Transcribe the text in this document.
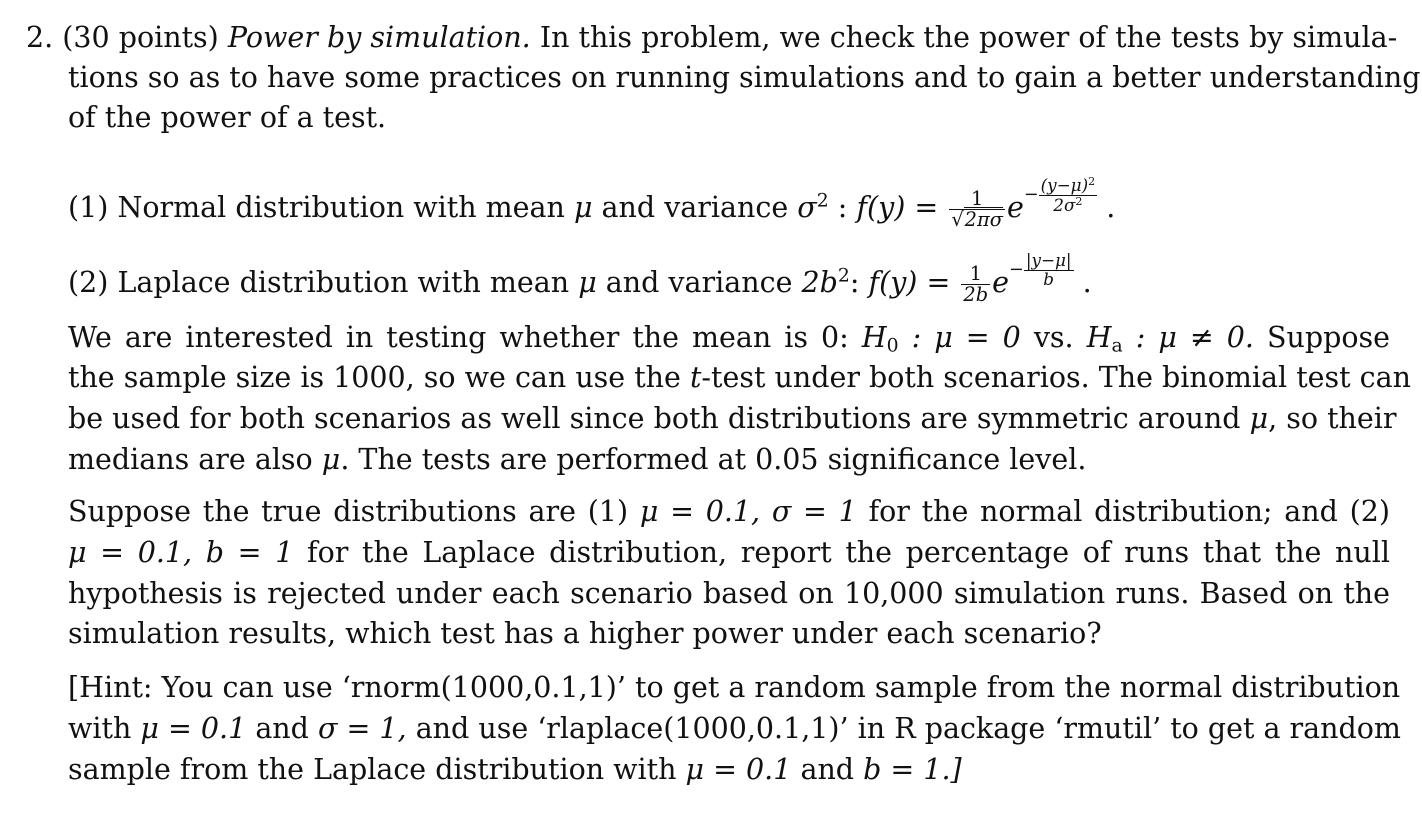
2. (30 points) Power by simulation. In this problem, we check the power of the tests by simula-
tions so as to have some practices on running simulations and to gain a better understanding
of the power of a test.
(1) Normal distribution with mean μ and variance $\sigma^2$ : $f(y) = \frac{1}{√2\pi\sigma} e- \frac{(y-\mu)^2}{2\sigma^2}$ .
(2) Laplace distribution with mean μ and variance $2b^2$: $f(y) = \frac{1}{2b} e- \frac{|y-\mu|}{b}$ .
We are interested in testing whether the mean is 0: $H_0$ : μ = 0 vs. $H_a$ : μ ≠ 0. Suppose
the sample size is 1000, so we can use the t-test under both scenarios. The binomial test can
be used for both scenarios as well since both distributions are symmetric around μ, so their
medians are also μ. The tests are performed at 0.05 significance level.
Suppose the true distributions are (1) μ = 0.1, σ = 1 for the normal distribution; and (2)
μ = 0.1, b = 1 for the Laplace distribution, report the percentage of runs that the null
hypothesis is rejected under each scenario based on 10,000 simulation runs. Based on the
simulation results, which test has a higher power under each scenario?
[Hint: You can use ‘rnorm(1000,0.1,1)’ to get a random sample from the normal distribution
with μ = 0.1 and σ = 1, and use ‘rlaplace(1000,0.1,1)’ in R package ‘rmutil’ to get a random
sample from the Laplace distribution with μ = 0.1 and b = 1.]
